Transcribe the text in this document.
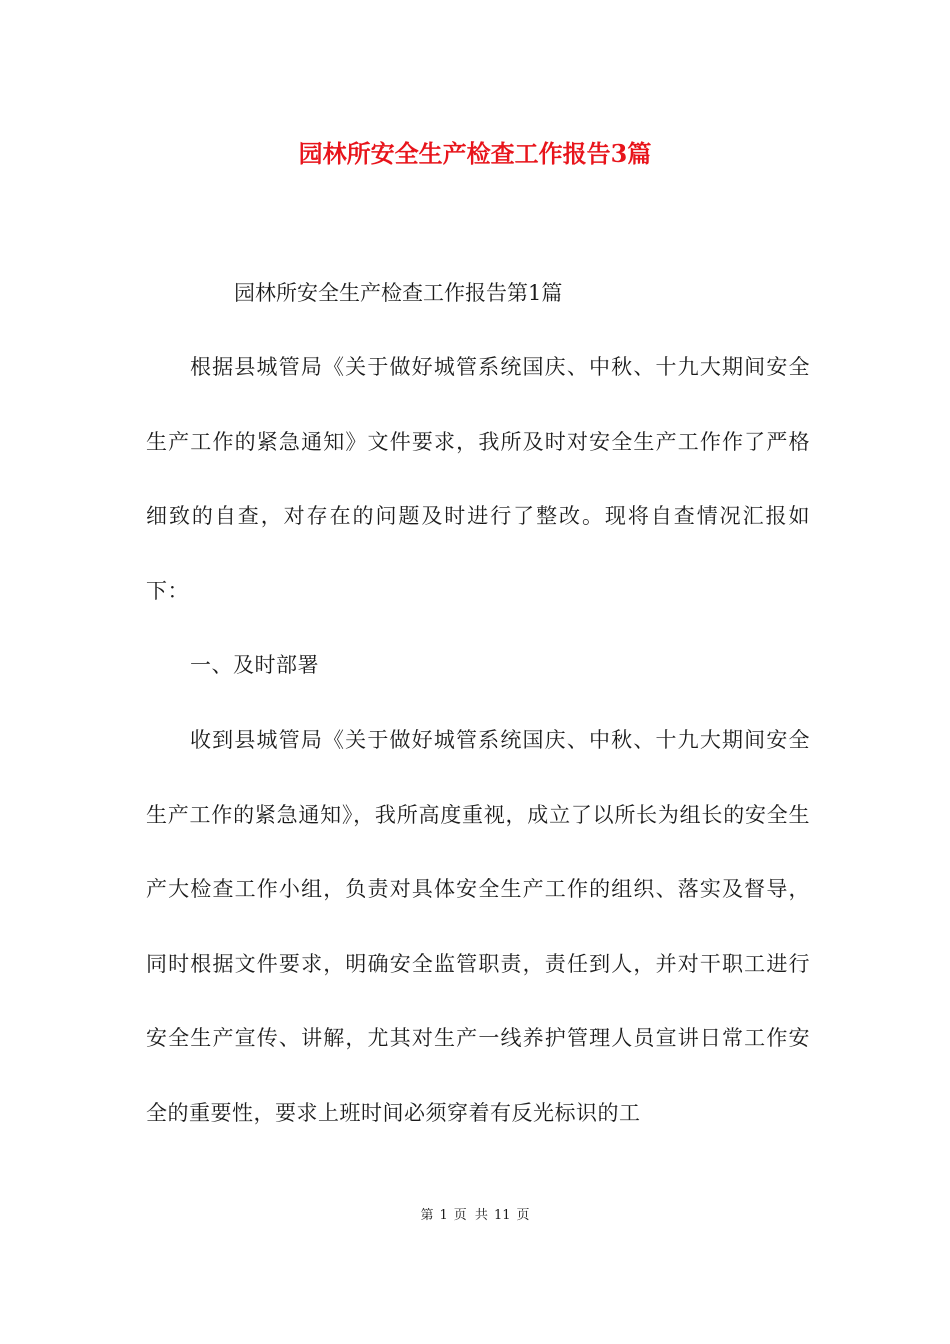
园林所安全生产检查工作报告3篇
园林所安全生产检查工作报告第1篇

根据县城管局《关于做好城管系统国庆、中秋、十九大期间安全生产工作的紧急通知》文件要求，我所及时对安全生产工作作了严格细致的自查，对存在的问题及时进行了整改。现将自查情况汇报如下：

一、及时部署

收到县城管局《关于做好城管系统国庆、中秋、十九大期间安全生产工作的紧急通知》，我所高度重视，成立了以所长为组长的安全生产大检查工作小组，负责对具体安全生产工作的组织、落实及督导，同时根据文件要求，明确安全监管职责，责任到人，并对干职工进行安全生产宣传、讲解，尤其对生产一线养护管理人员宣讲日常工作安全的重要性，要求上班时间必须穿着有反光标识的工

第 1 页 共 11 页
